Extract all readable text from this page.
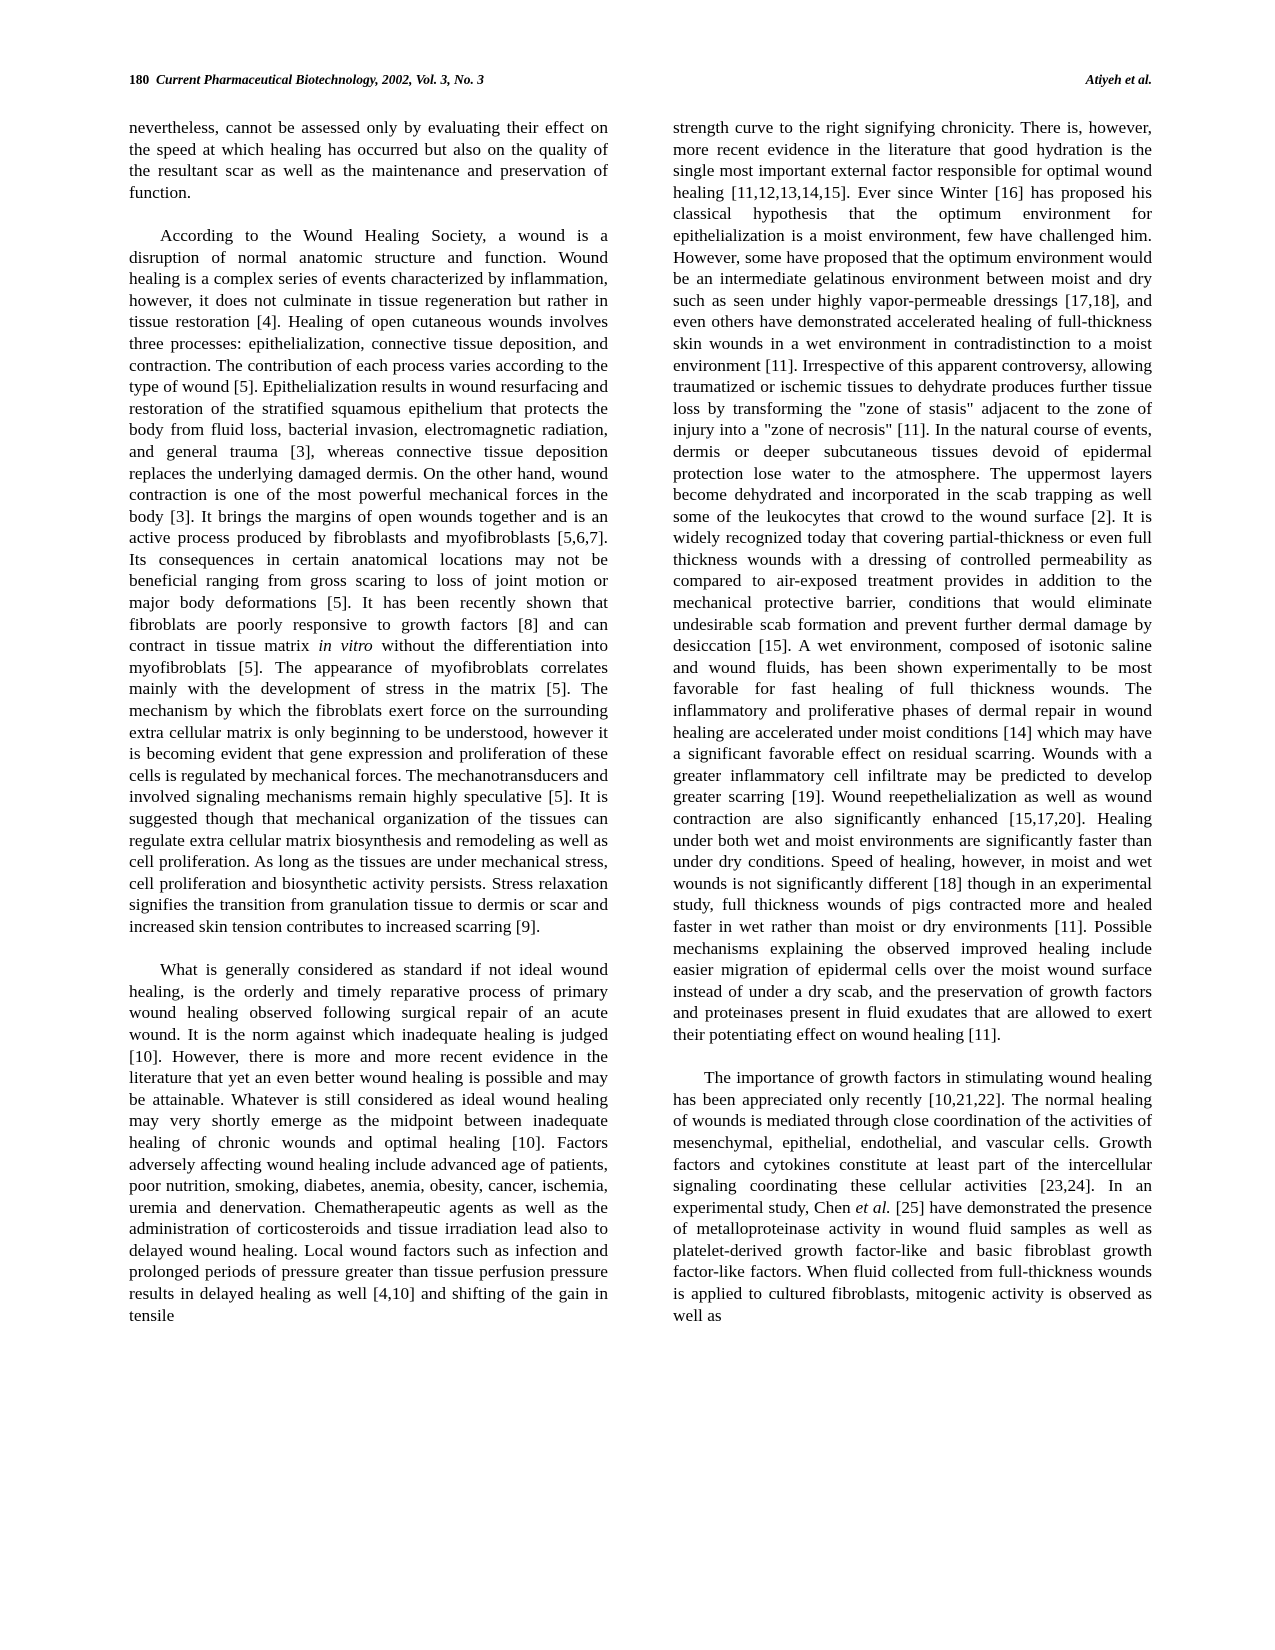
180 Current Pharmaceutical Biotechnology, 2002, Vol. 3, No. 3	Atiyeh et al.

nevertheless, cannot be assessed only by evaluating their effect on the speed at which healing has occurred but also on the quality of the resultant scar as well as the maintenance and preservation of function.

According to the Wound Healing Society, a wound is a disruption of normal anatomic structure and function. Wound healing is a complex series of events characterized by inflammation, however, it does not culminate in tissue regeneration but rather in tissue restoration [4]. Healing of open cutaneous wounds involves three processes: epithelialization, connective tissue deposition, and contraction. The contribution of each process varies according to the type of wound [5]. Epithelialization results in wound resurfacing and restoration of the stratified squamous epithelium that protects the body from fluid loss, bacterial invasion, electromagnetic radiation, and general trauma [3], whereas connective tissue deposition replaces the underlying damaged dermis. On the other hand, wound contraction is one of the most powerful mechanical forces in the body [3]. It brings the margins of open wounds together and is an active process produced by fibroblasts and myofibroblasts [5,6,7]. Its consequences in certain anatomical locations may not be beneficial ranging from gross scaring to loss of joint motion or major body deformations [5]. It has been recently shown that fibroblats are poorly responsive to growth factors [8] and can contract in tissue matrix in vitro without the differentiation into myofibroblats [5]. The appearance of myofibroblats correlates mainly with the development of stress in the matrix [5]. The mechanism by which the fibroblats exert force on the surrounding extra cellular matrix is only beginning to be understood, however it is becoming evident that gene expression and proliferation of these cells is regulated by mechanical forces. The mechanotransducers and involved signaling mechanisms remain highly speculative [5]. It is suggested though that mechanical organization of the tissues can regulate extra cellular matrix biosynthesis and remodeling as well as cell proliferation. As long as the tissues are under mechanical stress, cell proliferation and biosynthetic activity persists. Stress relaxation signifies the transition from granulation tissue to dermis or scar and increased skin tension contributes to increased scarring [9].

What is generally considered as standard if not ideal wound healing, is the orderly and timely reparative process of primary wound healing observed following surgical repair of an acute wound. It is the norm against which inadequate healing is judged [10]. However, there is more and more recent evidence in the literature that yet an even better wound healing is possible and may be attainable. Whatever is still considered as ideal wound healing may very shortly emerge as the midpoint between inadequate healing of chronic wounds and optimal healing [10]. Factors adversely affecting wound healing include advanced age of patients, poor nutrition, smoking, diabetes, anemia, obesity, cancer, ischemia, uremia and denervation. Chematherapeutic agents as well as the administration of corticosteroids and tissue irradiation lead also to delayed wound healing. Local wound factors such as infection and prolonged periods of pressure greater than tissue perfusion pressure results in delayed healing as well [4,10] and shifting of the gain in tensile

strength curve to the right signifying chronicity. There is, however, more recent evidence in the literature that good hydration is the single most important external factor responsible for optimal wound healing [11,12,13,14,15]. Ever since Winter [16] has proposed his classical hypothesis that the optimum environment for epithelialization is a moist environment, few have challenged him. However, some have proposed that the optimum environment would be an intermediate gelatinous environment between moist and dry such as seen under highly vapor-permeable dressings [17,18], and even others have demonstrated accelerated healing of full-thickness skin wounds in a wet environment in contradistinction to a moist environment [11]. Irrespective of this apparent controversy, allowing traumatized or ischemic tissues to dehydrate produces further tissue loss by transforming the "zone of stasis" adjacent to the zone of injury into a "zone of necrosis" [11]. In the natural course of events, dermis or deeper subcutaneous tissues devoid of epidermal protection lose water to the atmosphere. The uppermost layers become dehydrated and incorporated in the scab trapping as well some of the leukocytes that crowd to the wound surface [2]. It is widely recognized today that covering partial-thickness or even full thickness wounds with a dressing of controlled permeability as compared to air-exposed treatment provides in addition to the mechanical protective barrier, conditions that would eliminate undesirable scab formation and prevent further dermal damage by desiccation [15]. A wet environment, composed of isotonic saline and wound fluids, has been shown experimentally to be most favorable for fast healing of full thickness wounds. The inflammatory and proliferative phases of dermal repair in wound healing are accelerated under moist conditions [14] which may have a significant favorable effect on residual scarring. Wounds with a greater inflammatory cell infiltrate may be predicted to develop greater scarring [19]. Wound reepethelialization as well as wound contraction are also significantly enhanced [15,17,20]. Healing under both wet and moist environments are significantly faster than under dry conditions. Speed of healing, however, in moist and wet wounds is not significantly different [18] though in an experimental study, full thickness wounds of pigs contracted more and healed faster in wet rather than moist or dry environments [11]. Possible mechanisms explaining the observed improved healing include easier migration of epidermal cells over the moist wound surface instead of under a dry scab, and the preservation of growth factors and proteinases present in fluid exudates that are allowed to exert their potentiating effect on wound healing [11].

The importance of growth factors in stimulating wound healing has been appreciated only recently [10,21,22]. The normal healing of wounds is mediated through close coordination of the activities of mesenchymal, epithelial, endothelial, and vascular cells. Growth factors and cytokines constitute at least part of the intercellular signaling coordinating these cellular activities [23,24]. In an experimental study, Chen et al. [25] have demonstrated the presence of metalloproteinase activity in wound fluid samples as well as platelet-derived growth factor-like and basic fibroblast growth factor-like factors. When fluid collected from full-thickness wounds is applied to cultured fibroblasts, mitogenic activity is observed as well as
